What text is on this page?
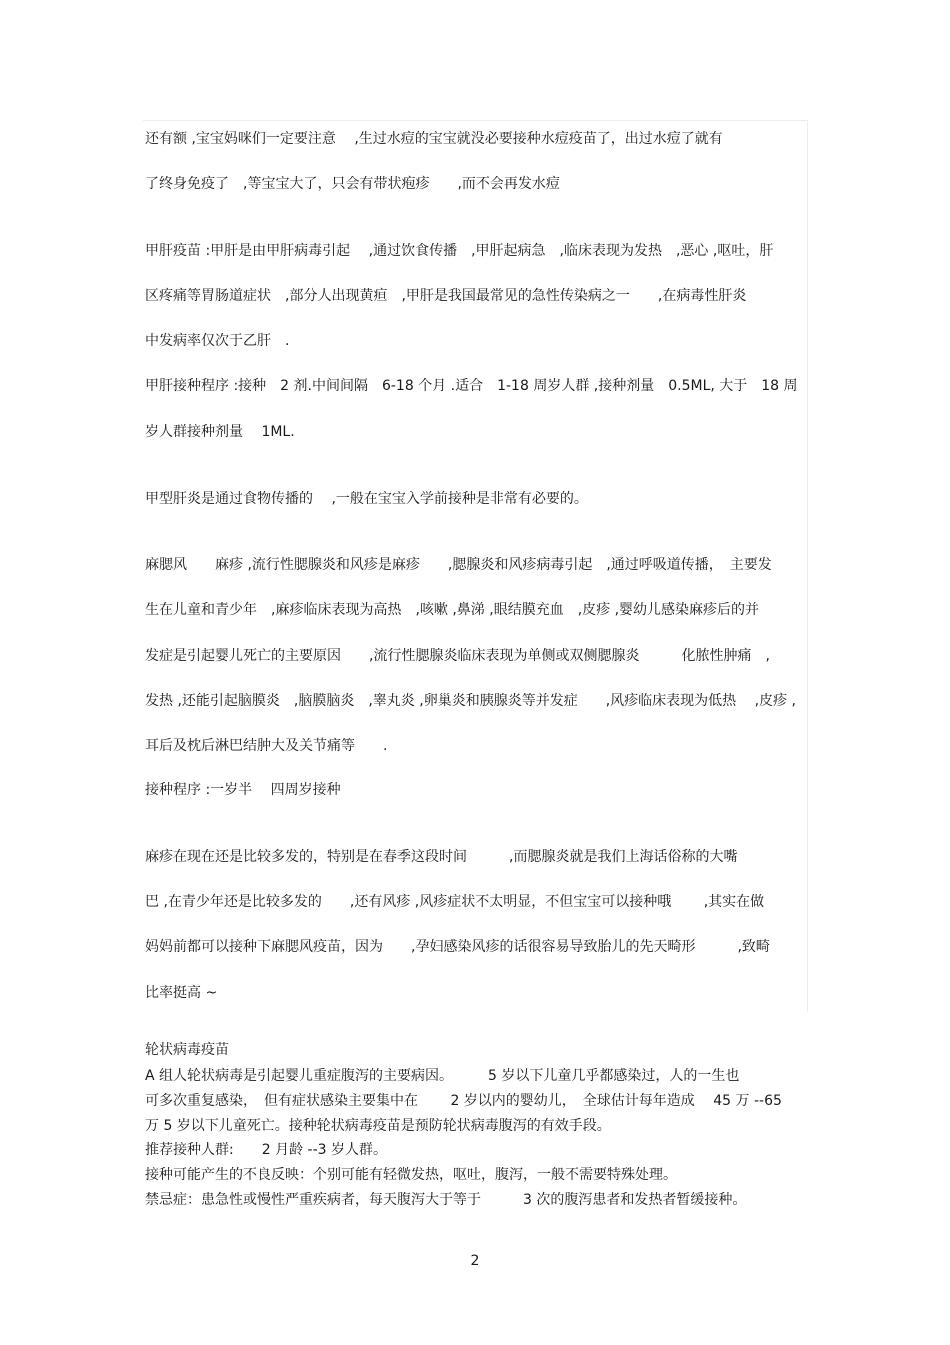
还有额 ,宝宝妈咪们一定要注意　 ,生过水痘的宝宝就没必要接种水痘疫苗了，出过水痘了就有

了终身免疫了　,等宝宝大了，只会有带状疱疹　　,而不会再发水痘

甲肝疫苗 :甲肝是由甲肝病毒引起　 ,通过饮食传播　,甲肝起病急　,临床表现为发热　,恶心 ,呕吐，肝

区疼痛等胃肠道症状　,部分人出现黄疸　,甲肝是我国最常见的急性传染病之一　　,在病毒性肝炎

中发病率仅次于乙肝　.

甲肝接种程序 :接种　2 剂.中间间隔　6-18 个月 .适合　1-18 周岁人群 ,接种剂量　0.5ML, 大于　18 周

岁人群接种剂量　 1ML.

甲型肝炎是通过食物传播的　 ,一般在宝宝入学前接种是非常有必要的。

麻腮风　　麻疹 ,流行性腮腺炎和风疹是麻疹　　,腮腺炎和风疹病毒引起　,通过呼吸道传播，　主要发

生在儿童和青少年　,麻疹临床表现为高热　,咳嗽 ,鼻涕 ,眼结膜充血　,皮疹 ,婴幼儿感染麻疹后的并

发症是引起婴儿死亡的主要原因　　,流行性腮腺炎临床表现为单侧或双侧腮腺炎　　　化脓性肿痛　,

发热 ,还能引起脑膜炎　,脑膜脑炎　,睾丸炎 ,卵巢炎和胰腺炎等并发症　　,风疹临床表现为低热　 ,皮疹 ,

耳后及枕后淋巴结肿大及关节痛等　　.

接种程序 :一岁半　 四周岁接种

麻疹在现在还是比较多发的，特别是在春季这段时间　　　,而腮腺炎就是我们上海话俗称的大嘴

巴 ,在青少年还是比较多发的　　,还有风疹 ,风疹症状不太明显，不但宝宝可以接种哦　　 ,其实在做

妈妈前都可以接种下麻腮风疫苗，因为　　,孕妇感染风疹的话很容易导致胎儿的先天畸形　　　,致畸

比率挺高 ~

轮状病毒疫苗

A 组人轮状病毒是引起婴儿重症腹泻的主要病因。　　　5 岁以下儿童几乎都感染过，人的一生也

可多次重复感染，　但有症状感染主要集中在　　 2 岁以内的婴幼儿，　全球估计每年造成　 45 万 --65

万 5 岁以下儿童死亡。接种轮状病毒疫苗是预防轮状病毒腹泻的有效手段。

推荐接种人群:　　2 月龄 --3 岁人群。

接种可能产生的不良反映：个别可能有轻微发热，呕吐，腹泻，一般不需要特殊处理。

禁忌症：患急性或慢性严重疾病者，每天腹泻大于等于　　　3 次的腹泻患者和发热者暂缓接种。

2
